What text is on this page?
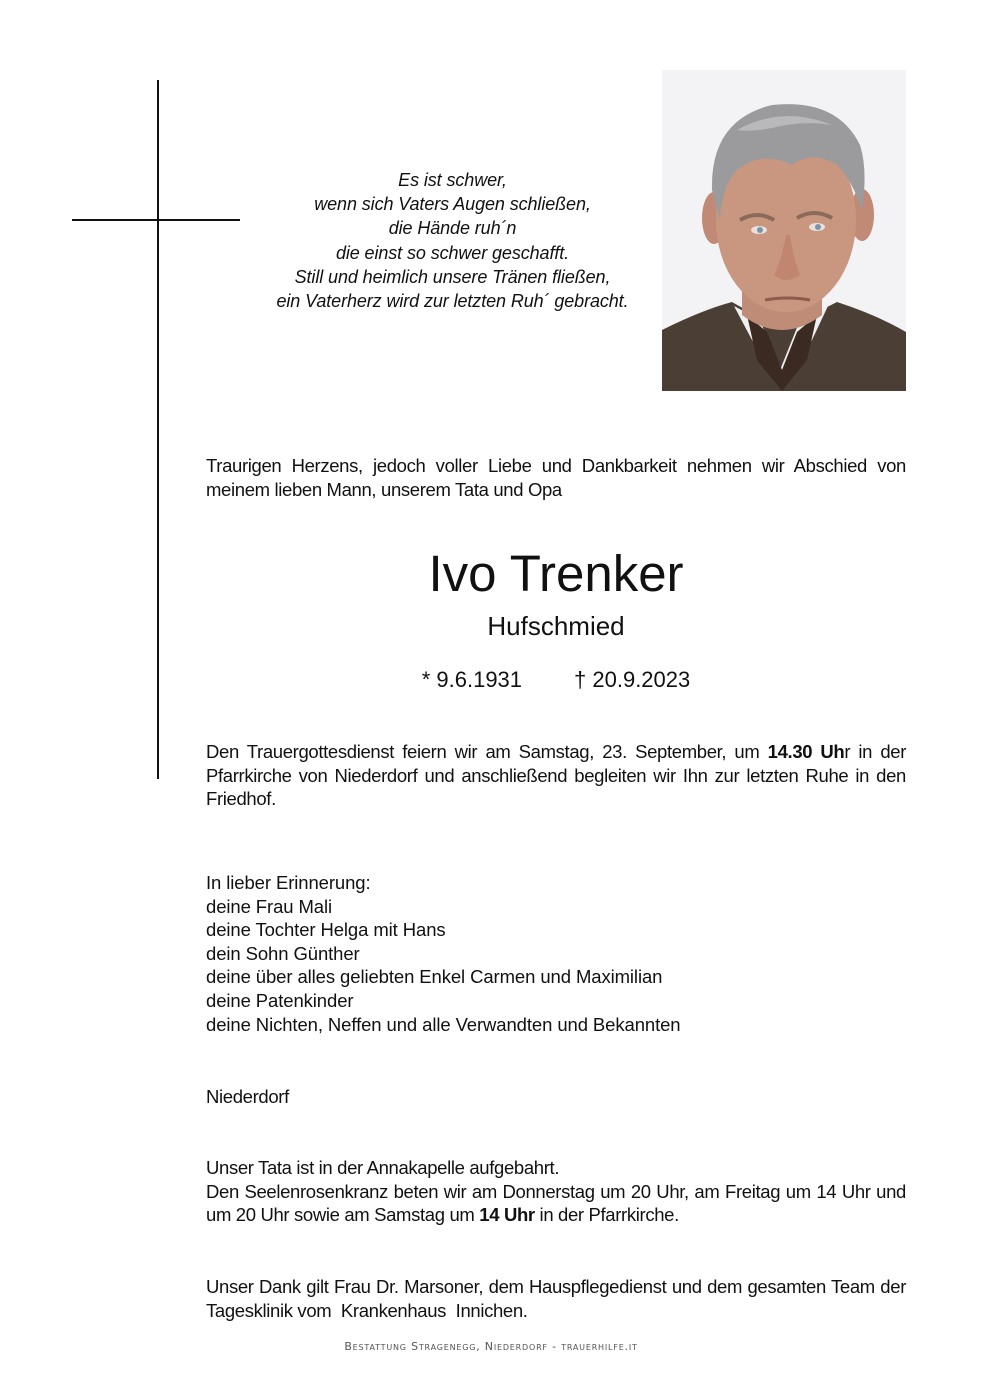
Es ist schwer,
wenn sich Vaters Augen schließen,
die Hände ruh´n
die einst so schwer geschafft.
Still und heimlich unsere Tränen fließen,
ein Vaterherz wird zur letzten Ruh´ gebracht.

Traurigen Herzens, jedoch voller Liebe und Dankbarkeit nehmen wir Abschied von meinem lieben Mann, unserem Tata und Opa

Ivo Trenker
Hufschmied
* 9.6.1931 † 20.9.2023

Den Trauergottesdienst feiern wir am Samstag, 23. September, um 14.30 Uhr in der Pfarrkirche von Niederdorf und anschließend begleiten wir Ihn zur letzten Ruhe in den Friedhof.

In lieber Erinnerung:
deine Frau Mali
deine Tochter Helga mit Hans
dein Sohn Günther
deine über alles geliebten Enkel Carmen und Maximilian
deine Patenkinder
deine Nichten, Neffen und alle Verwandten und Bekannten

Niederdorf

Unser Tata ist in der Annakapelle aufgebahrt.

Den Seelenrosenkranz beten wir am Donnerstag um 20 Uhr, am Freitag um 14 Uhr und um 20 Uhr sowie am Samstag um 14 Uhr in der Pfarrkirche.

Unser Dank gilt Frau Dr. Marsoner, dem Hauspflegedienst und dem gesamten Team der Tagesklinik vom  Krankenhaus  Innichen.

Bestattung Stragenegg, Niederdorf - trauerhilfe.it
